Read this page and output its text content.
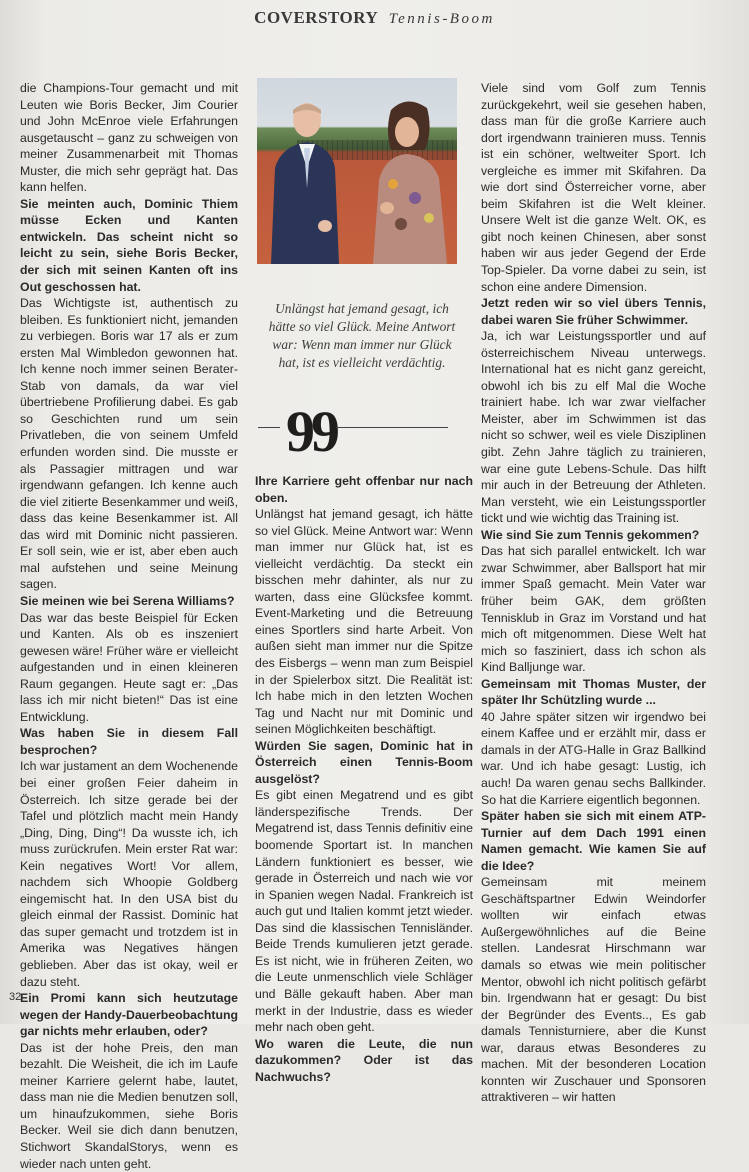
COVERSTORY Tennis-Boom

die Champions-Tour gemacht und mit Leuten wie Boris Becker, Jim Courier und John McEnroe viele Erfahrungen ausgetauscht – ganz zu schweigen von meiner Zusammenarbeit mit Thomas Muster, die mich sehr geprägt hat. Das kann helfen.

Sie meinten auch, Dominic Thiem müsse Ecken und Kanten entwickeln. Das scheint nicht so leicht zu sein, siehe Boris Becker, der sich mit seinen Kanten oft ins Out geschossen hat.

Das Wichtigste ist, authentisch zu bleiben. Es funktioniert nicht, jemanden zu verbiegen. Boris war 17 als er zum ersten Mal Wimbledon gewonnen hat. Ich kenne noch immer seinen Berater-Stab von damals, da war viel übertriebene Profilierung dabei. Es gab so Geschichten rund um sein Privatleben, die von seinem Umfeld erfunden worden sind. Die musste er als Passagier mittragen und war irgendwann gefangen. Ich kenne auch die viel zitierte Besenkammer und weiß, dass das keine Besenkammer ist. All das wird mit Dominic nicht passieren. Er soll sein, wie er ist, aber eben auch mal aufstehen und seine Meinung sagen.

Sie meinen wie bei Serena Williams?

Das war das beste Beispiel für Ecken und Kanten. Als ob es inszeniert gewesen wäre! Früher wäre er vielleicht aufgestanden und in einen kleineren Raum gegangen. Heute sagt er: „Das lass ich mir nicht bieten!“ Das ist eine Entwicklung.

Was haben Sie in diesem Fall besprochen?

Ich war justament an dem Wochenende bei einer großen Feier daheim in Österreich. Ich sitze gerade bei der Tafel und plötzlich macht mein Handy „Ding, Ding, Ding“! Da wusste ich, ich muss zurückrufen. Mein erster Rat war: Kein negatives Wort! Vor allem, nachdem sich Whoopie Goldberg eingemischt hat. In den USA bist du gleich einmal der Rassist. Dominic hat das super gemacht und trotzdem ist in Amerika was Negatives hängen geblieben. Aber das ist okay, weil er dazu steht.

Ein Promi kann sich heutzutage wegen der Handy-Dauerbeobachtung gar nichts mehr erlauben, oder?

Das ist der hohe Preis, den man bezahlt. Die Weisheit, die ich im Laufe meiner Karriere gelernt habe, lautet, dass man nie die Medien benutzen soll, um hinaufzukommen, siehe Boris Becker. Weil sie dich dann benutzen, Stichwort SkandalStorys, wenn es wieder nach unten geht.

Unlängst hat jemand gesagt, ich hätte so viel Glück. Meine Antwort war: Wenn man immer nur Glück hat, ist es vielleicht verdächtig.
99

Ihre Karriere geht offenbar nur nach oben.

Unlängst hat jemand gesagt, ich hätte so viel Glück. Meine Antwort war: Wenn man immer nur Glück hat, ist es vielleicht verdächtig. Da steckt ein bisschen mehr dahinter, als nur zu warten, dass eine Glücksfee kommt. Event-Marketing und die Betreuung eines Sportlers sind harte Arbeit. Von außen sieht man immer nur die Spitze des Eisbergs – wenn man zum Beispiel in der Spielerbox sitzt. Die Realität ist: Ich habe mich in den letzten Wochen Tag und Nacht nur mit Dominic und seinen Möglichkeiten beschäftigt.

Würden Sie sagen, Dominic hat in Österreich einen Tennis-Boom ausgelöst?

Es gibt einen Megatrend und es gibt länderspezifische Trends. Der Megatrend ist, dass Tennis definitiv eine boomende Sportart ist. In manchen Ländern funktioniert es besser, wie gerade in Österreich und nach wie vor in Spanien wegen Nadal. Frankreich ist auch gut und Italien kommt jetzt wieder. Das sind die klassischen Tennisländer. Beide Trends kumulieren jetzt gerade. Es ist nicht, wie in früheren Zeiten, wo die Leute unmenschlich viele Schläger und Bälle gekauft haben. Aber man merkt in der Industrie, dass es wieder mehr nach oben geht.

Wo waren die Leute, die nun dazukommen? Oder ist das Nachwuchs?

Viele sind vom Golf zum Tennis zurückgekehrt, weil sie gesehen haben, dass man für die große Karriere auch dort irgendwann trainieren muss. Tennis ist ein schöner, weltweiter Sport. Ich vergleiche es immer mit Skifahren. Da wie dort sind Österreicher vorne, aber beim Skifahren ist die Welt kleiner. Unsere Welt ist die ganze Welt. OK, es gibt noch keinen Chinesen, aber sonst haben wir aus jeder Gegend der Erde Top-Spieler. Da vorne dabei zu sein, ist schon eine andere Dimension.

Jetzt reden wir so viel übers Tennis, dabei waren Sie früher Schwimmer.

Ja, ich war Leistungssportler und auf österreichischem Niveau unterwegs. International hat es nicht ganz gereicht, obwohl ich bis zu elf Mal die Woche trainiert habe. Ich war zwar vielfacher Meister, aber im Schwimmen ist das nicht so schwer, weil es viele Disziplinen gibt. Zehn Jahre täglich zu trainieren, war eine gute Lebens-Schule. Das hilft mir auch in der Betreuung der Athleten. Man versteht, wie ein Leistungssportler tickt und wie wichtig das Training ist.

Wie sind Sie zum Tennis gekommen?

Das hat sich parallel entwickelt. Ich war zwar Schwimmer, aber Ballsport hat mir immer Spaß gemacht. Mein Vater war früher beim GAK, dem größten Tennisklub in Graz im Vorstand und hat mich oft mitgenommen. Diese Welt hat mich so fasziniert, dass ich schon als Kind Balljunge war.

Gemeinsam mit Thomas Muster, der später Ihr Schützling wurde ...

40 Jahre später sitzen wir irgendwo bei einem Kaffee und er erzählt mir, dass er damals in der ATG-Halle in Graz Ballkind war. Und ich habe gesagt: Lustig, ich auch! Da waren genau sechs Ballkinder. So hat die Karriere eigentlich begonnen.

Später haben sie sich mit einem ATP-Turnier auf dem Dach 1991 einen Namen gemacht. Wie kamen Sie auf die Idee?

Gemeinsam mit meinem Geschäftspartner Edwin Weindorfer wollten wir einfach etwas Außergewöhnliches auf die Beine stellen. Landesrat Hirschmann war damals so etwas wie mein politischer Mentor, obwohl ich nicht politisch gefärbt bin. Irgendwann hat er gesagt: Du bist der Begründer des Events.., Es gab damals Tennisturniere, aber die Kunst war, daraus etwas Besonderes zu machen. Mit der besonderen Location konnten wir Zuschauer und Sponsoren attraktiveren – wir hatten

32
